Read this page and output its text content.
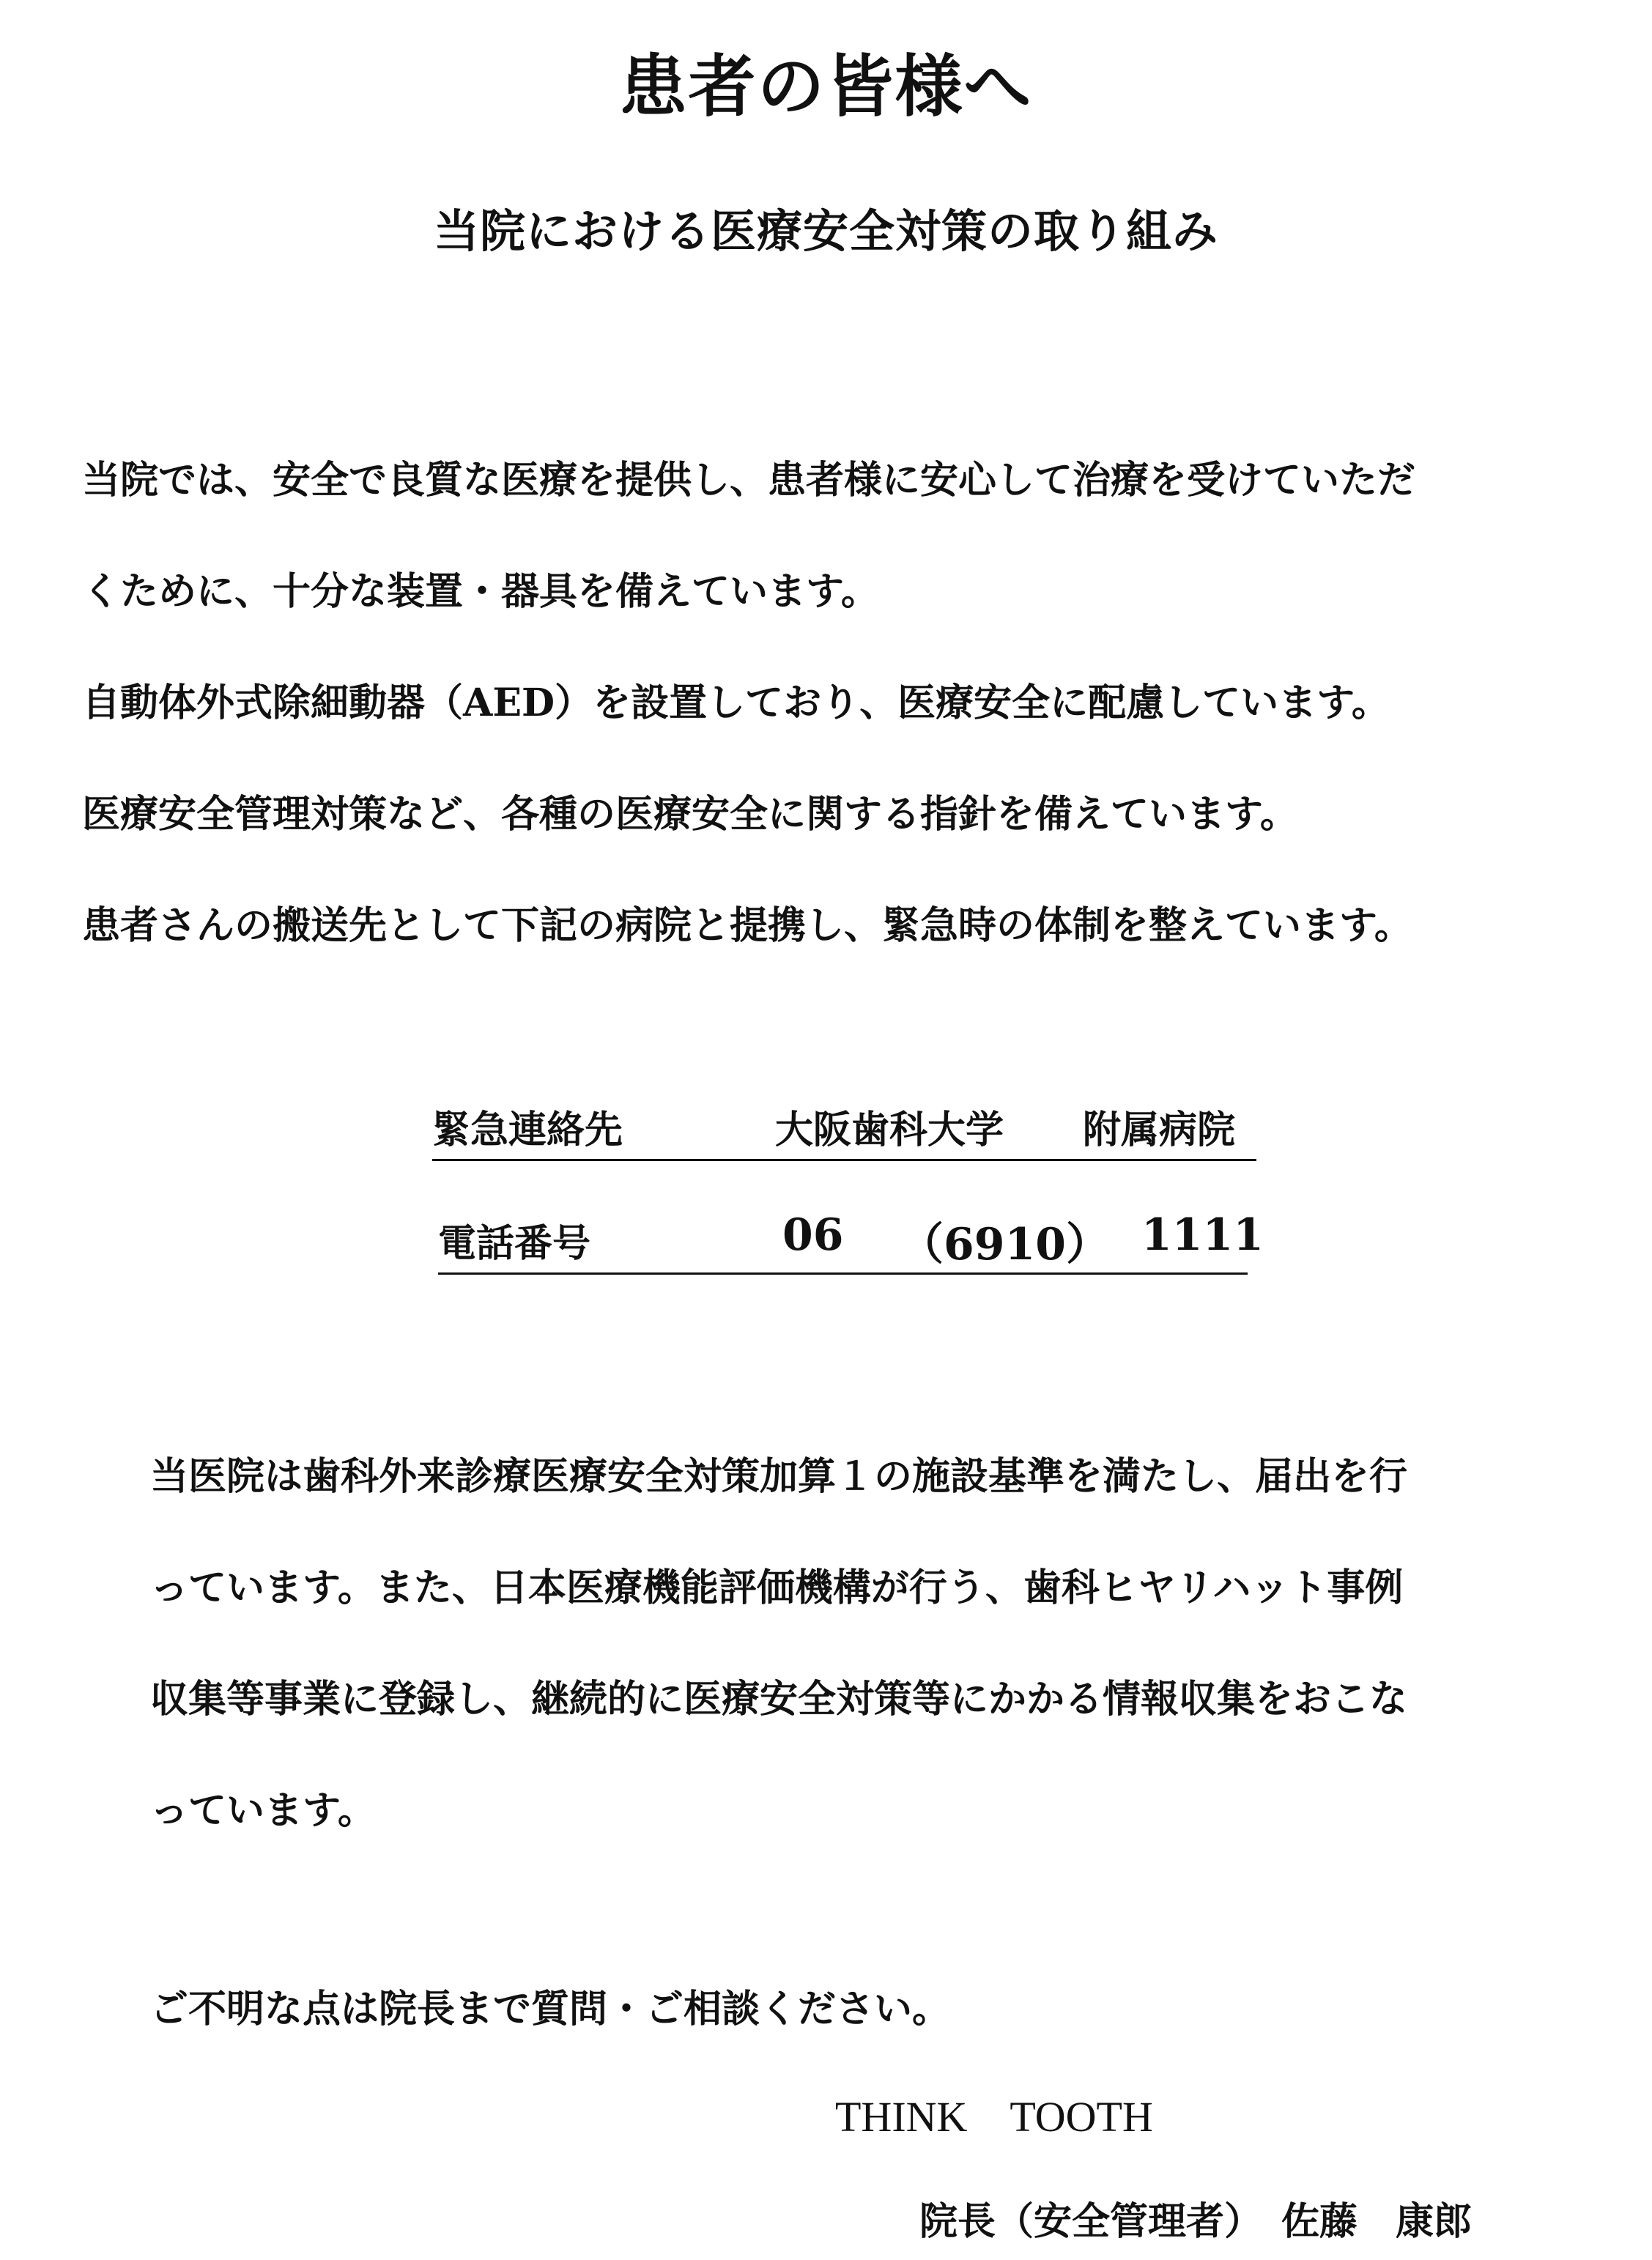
患者の皆様へ
当院における医療安全対策の取り組み

当院では、安全で良質な医療を提供し、患者様に安心して治療を受けていただ

くために、十分な装置・器具を備えています。

自動体外式除細動器（AED）を設置しており、医療安全に配慮しています。

医療安全管理対策など、各種の医療安全に関する指針を備えています。

患者さんの搬送先として下記の病院と提携し、緊急時の体制を整えています。

緊急連絡先	大阪歯科大学 附属病院
電話番号	06 （6910） 1111

当医院は歯科外来診療医療安全対策加算１の施設基準を満たし、届出を行

っています。また、日本医療機能評価機構が行う、歯科ヒヤリハット事例

収集等事業に登録し、継続的に医療安全対策等にかかる情報収集をおこな

っています。

ご不明な点は院長まで質問・ご相談ください。
THINK　TOOTH
院長（安全管理者）　佐藤　康郎
